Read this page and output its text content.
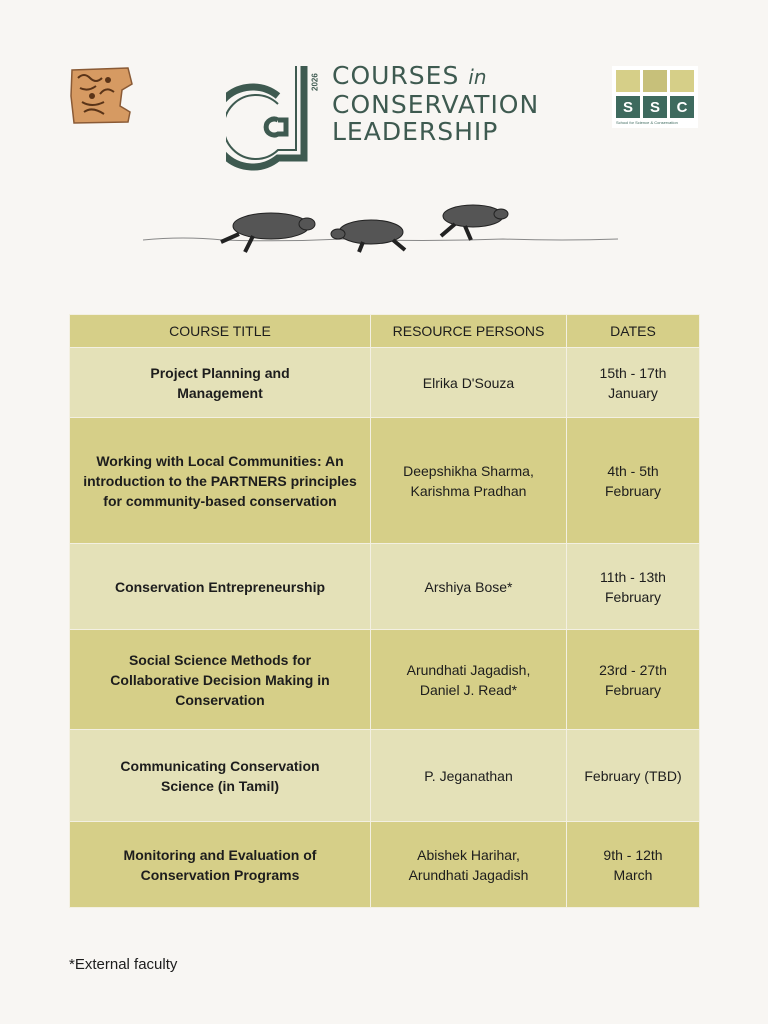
2026 COURSES in
CONSERVATION
LEADERSHIP
S	S	C
School for Science & Conservation
COURSE TITLE	RESOURCE PERSONS	DATES
Project Planning and Management	Elrika D'Souza	15th - 17th January
Working with Local Communities: An introduction to the PARTNERS principles for community-based conservation	Deepshikha Sharma, Karishma Pradhan	4th - 5th February
Conservation Entrepreneurship	Arshiya Bose*	11th - 13th February
Social Science Methods for Collaborative Decision Making in Conservation	Arundhati Jagadish, Daniel J. Read*	23rd - 27th February
Communicating Conservation Science (in Tamil)	P. Jeganathan	February (TBD)
Monitoring and Evaluation of Conservation Programs	Abishek Harihar, Arundhati Jagadish	9th - 12th March
*External faculty
